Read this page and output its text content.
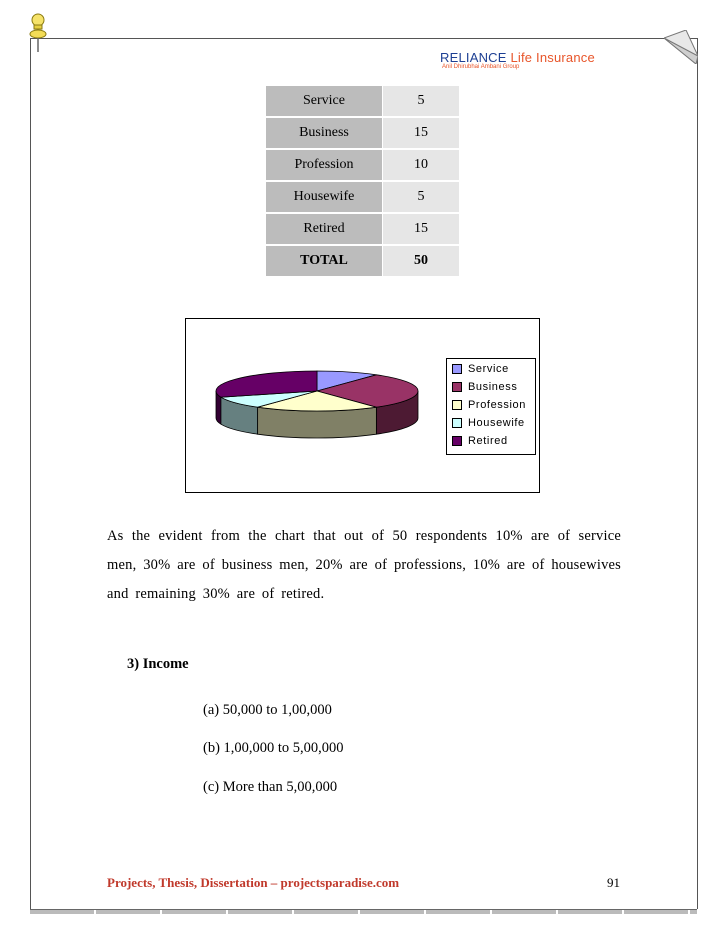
RELIANCE Life Insurance
Anil Dhirubhai Ambani Group
Service	5
Business	15
Profession	10
Housewife	5
Retired	15
TOTAL	50
Service
Business
Profession
Housewife
Retired
As the evident from the chart that out of 50 respondents 10% are of service men, 30% are of business men, 20% are of professions, 10% are of housewives and remaining 30% are of retired.
3) Income
(a) 50,000 to 1,00,000
(b) 1,00,000 to 5,00,000
(c) More than 5,00,000
Projects, Thesis, Dissertation – projectsparadise.com	91
